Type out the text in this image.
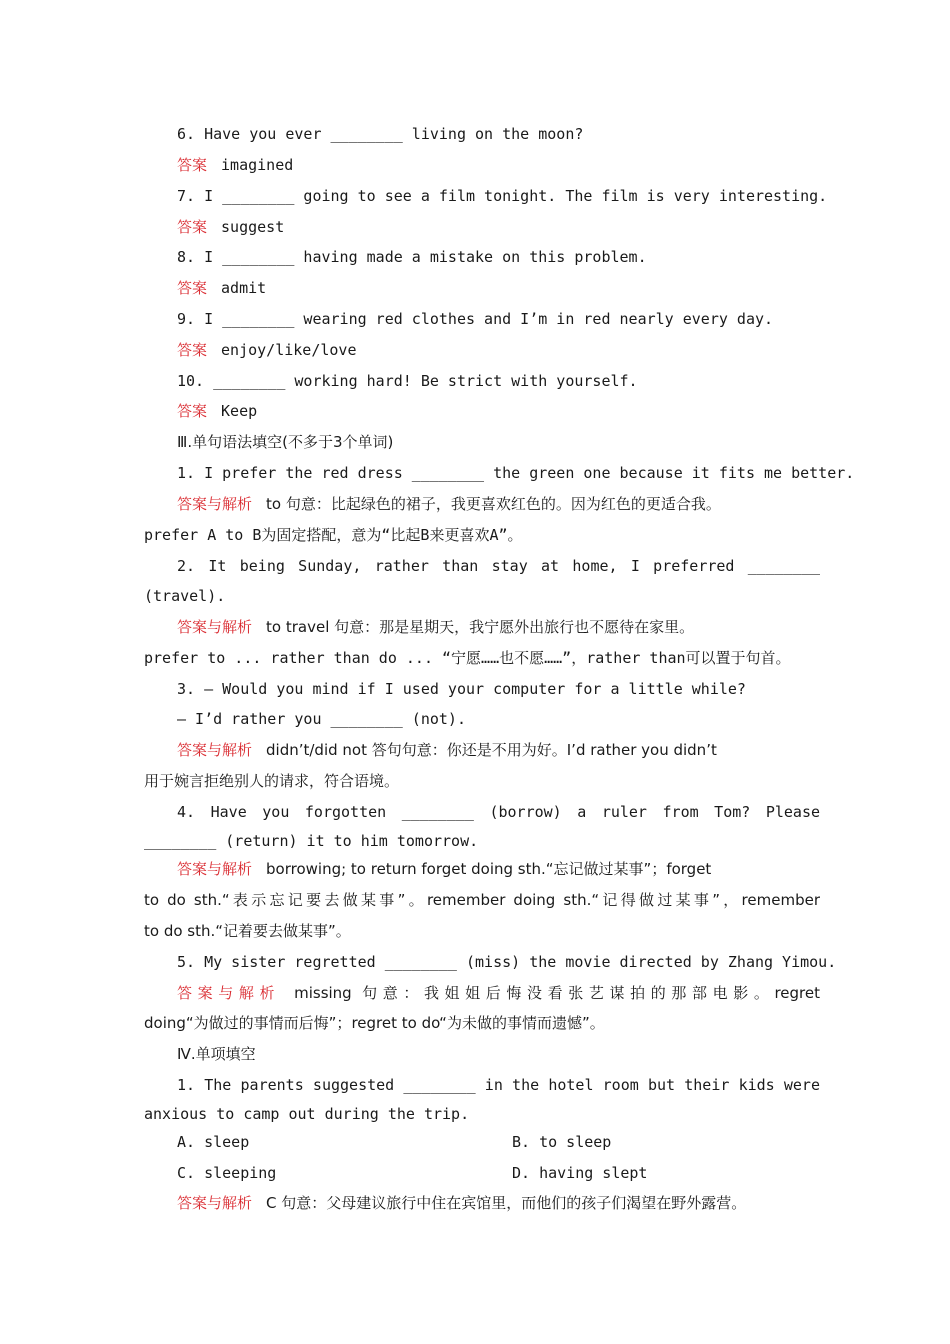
6. Have you ever ________ living on the moon?
答案 imagined
7. I ________ going to see a film tonight. The film is very interesting.
答案 suggest
8. I ________ having made a mistake on this problem.
答案 admit
9. I ________ wearing red clothes and I’m in red nearly every day.
答案 enjoy/like/love
10. ________ working hard! Be strict with yourself.
答案 Keep
Ⅲ.单句语法填空(不多于3个单词)
1. I prefer the red dress ________ the green one because it fits me better.
答案与解析 to 句意：比起绿色的裙子，我更喜欢红色的。因为红色的更适合我。
prefer A to B为固定搭配，意为“比起B来更喜欢A”。
2. It being Sunday, rather than stay at home, I preferred ________
(travel).
答案与解析 to travel 句意：那是星期天，我宁愿外出旅行也不愿待在家里。
prefer to ... rather than do ... “宁愿……也不愿……”，rather than可以置于句首。
3. — Would you mind if I used your computer for a little while?
— I’d rather you ________ (not).
答案与解析 didn’t/did not 答句句意：你还是不用为好。I’d rather you didn’t
用于婉言拒绝别人的请求，符合语境。
4. Have you forgotten ________ (borrow) a ruler from Tom? Please
________ (return) it to him tomorrow.
答案与解析 borrowing; to return forget doing sth.“忘记做过某事”；forget
to do sth.“表示忘记要去做某事”。remember doing sth.“记得做过某事”，remember
to do sth.“记着要去做某事”。
5. My sister regretted ________ (miss) the movie directed by Zhang Yimou.
答案与解析 missing 句意：我姐姐后悔没看张艺谋拍的那部电影。regret
doing“为做过的事情而后悔”；regret to do“为未做的事情而遗憾”。
Ⅳ.单项填空
1. The parents suggested ________ in the hotel room but their kids were
anxious to camp out during the trip.
A. sleep	B. to sleep
C. sleeping	D. having slept
答案与解析 C 句意：父母建议旅行中住在宾馆里，而他们的孩子们渴望在野外露营。
